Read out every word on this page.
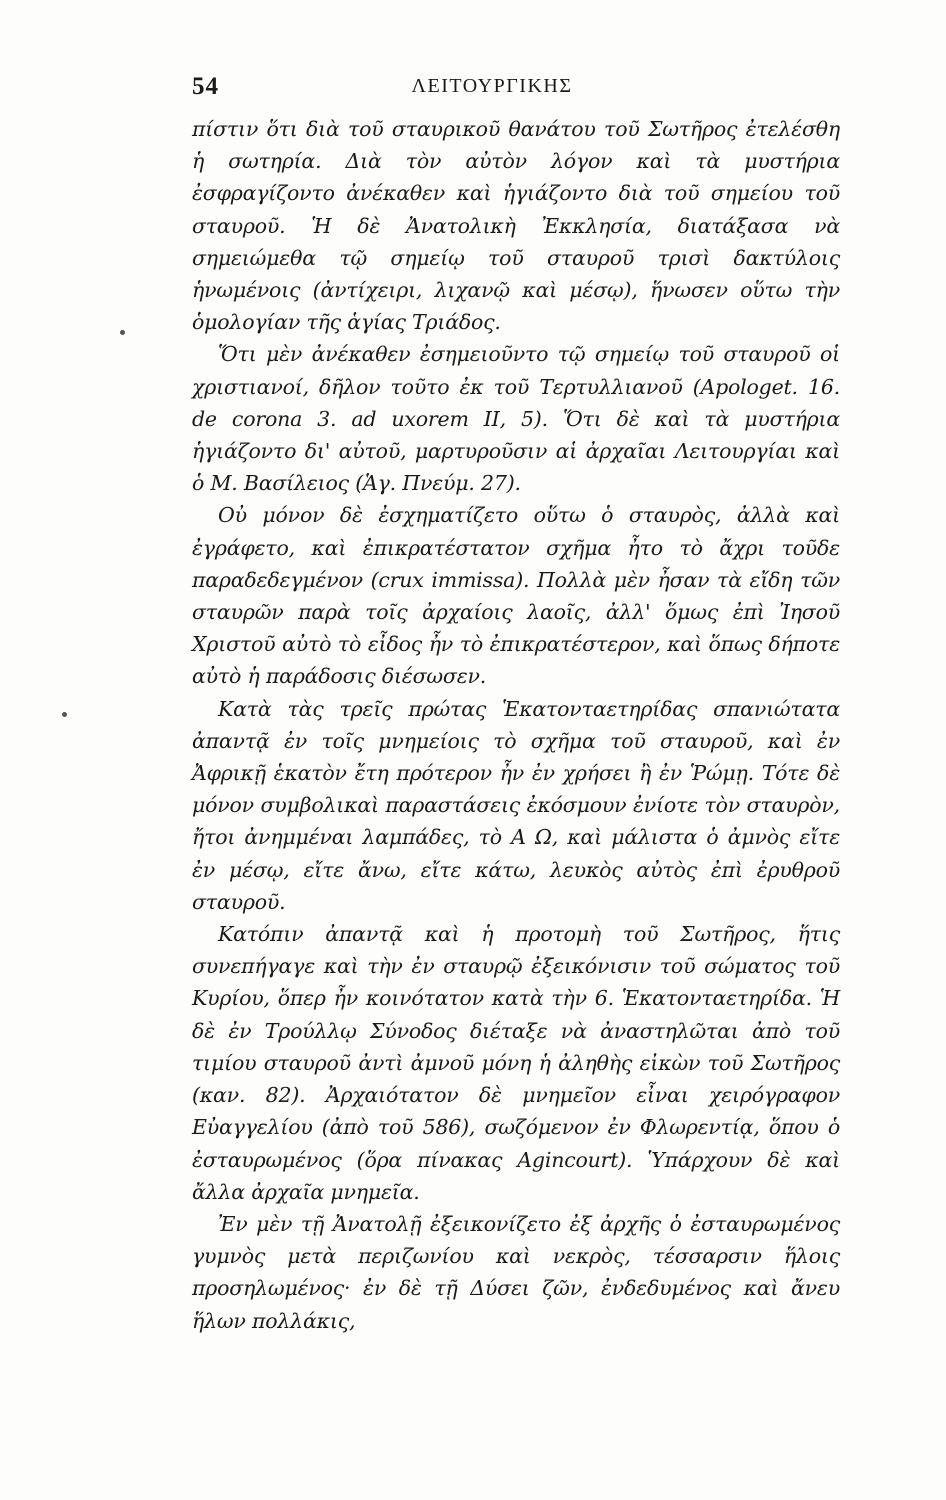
54	ΛΕΙΤΟΥΡΓΙΚΗΣ

πίστιν ὅτι διὰ τοῦ σταυρικοῦ θανάτου τοῦ Σωτῆρος ἐτελέσθη ἡ σωτηρία. Διὰ τὸν αὐτὸν λόγον καὶ τὰ μυστήρια ἐσφραγίζοντο ἀνέκαθεν καὶ ἡγιάζοντο διὰ τοῦ σημείου τοῦ σταυροῦ. Ἡ δὲ Ἀνατολικὴ Ἐκκλησία, διατάξασα νὰ σημειώμεθα τῷ σημείῳ τοῦ σταυροῦ τρισὶ δακτύλοις ἡνωμένοις (ἀντίχειρι, λιχανῷ καὶ μέσῳ), ἥνωσεν οὕτω τὴν ὁμολογίαν τῆς ἁγίας Τριάδος.

Ὅτι μὲν ἀνέκαθεν ἐσημειοῦντο τῷ σημείῳ τοῦ σταυροῦ οἱ χριστιανοί, δῆλον τοῦτο ἐκ τοῦ Τερτυλλιανοῦ (Apologet. 16. de corona 3. ad uxorem II, 5). Ὅτι δὲ καὶ τὰ μυστήρια ἡγιάζοντο δι' αὐτοῦ, μαρτυροῦσιν αἱ ἀρχαῖαι Λειτουργίαι καὶ ὁ Μ. Βασίλειος (Ἁγ. Πνεύμ. 27).

Οὐ μόνον δὲ ἐσχηματίζετο οὕτω ὁ σταυρὸς, ἀλλὰ καὶ ἐγράφετο, καὶ ἐπικρατέστατον σχῆμα ἦτο τὸ ἄχρι τοῦδε παραδεδεγμένον (crux immissa). Πολλὰ μὲν ἦσαν τὰ εἴδη τῶν σταυρῶν παρὰ τοῖς ἀρχαίοις λαοῖς, ἀλλ' ὅμως ἐπὶ Ἰησοῦ Χριστοῦ αὐτὸ τὸ εἶδος ἦν τὸ ἐπικρατέστερον, καὶ ὅπως δήποτε αὐτὸ ἡ παράδοσις διέσωσεν.

Κατὰ τὰς τρεῖς πρώτας Ἑκατονταετηρίδας σπανιώτατα ἀπαντᾷ ἐν τοῖς μνημείοις τὸ σχῆμα τοῦ σταυροῦ, καὶ ἐν Ἀφρικῇ ἑκατὸν ἔτη πρότερον ἦν ἐν χρήσει ἢ ἐν Ῥώμῃ. Τότε δὲ μόνον συμβολικαὶ παραστάσεις ἐκόσμουν ἐνίοτε τὸν σταυρὸν, ἤτοι ἀνημμέναι λαμπάδες, τὸ Α Ω, καὶ μάλιστα ὁ ἀμνὸς εἴτε ἐν μέσῳ, εἴτε ἄνω, εἴτε κάτω, λευκὸς αὐτὸς ἐπὶ ἐρυθροῦ σταυροῦ.

Κατόπιν ἀπαντᾷ καὶ ἡ προτομὴ τοῦ Σωτῆρος, ἥτις συνεπήγαγε καὶ τὴν ἐν σταυρῷ ἐξεικόνισιν τοῦ σώματος τοῦ Κυρίου, ὅπερ ἦν κοινότατον κατὰ τὴν 6. Ἑκατονταετηρίδα. Ἡ δὲ ἐν Τρούλλῳ Σύνοδος διέταξε νὰ ἀναστηλῶται ἀπὸ τοῦ τιμίου σταυροῦ ἀντὶ ἀμνοῦ μόνη ἡ ἀληθὴς εἰκὼν τοῦ Σωτῆρος (καν. 82). Ἀρχαιότατον δὲ μνημεῖον εἶναι χειρόγραφον Εὐαγγελίου (ἀπὸ τοῦ 586), σωζόμενον ἐν Φλωρεντίᾳ, ὅπου ὁ ἐσταυρωμένος (ὅρα πίνακας Agincourt). Ὑπάρχουν δὲ καὶ ἄλλα ἀρχαῖα μνημεῖα.

Ἐν μὲν τῇ Ἀνατολῇ ἐξεικονίζετο ἐξ ἀρχῆς ὁ ἐσταυρωμένος γυμνὸς μετὰ περιζωνίου καὶ νεκρὸς, τέσσαρσιν ἥλοις προσηλωμένος· ἐν δὲ τῇ Δύσει ζῶν, ἐνδεδυμένος καὶ ἄνευ ἥλων πολλάκις,
